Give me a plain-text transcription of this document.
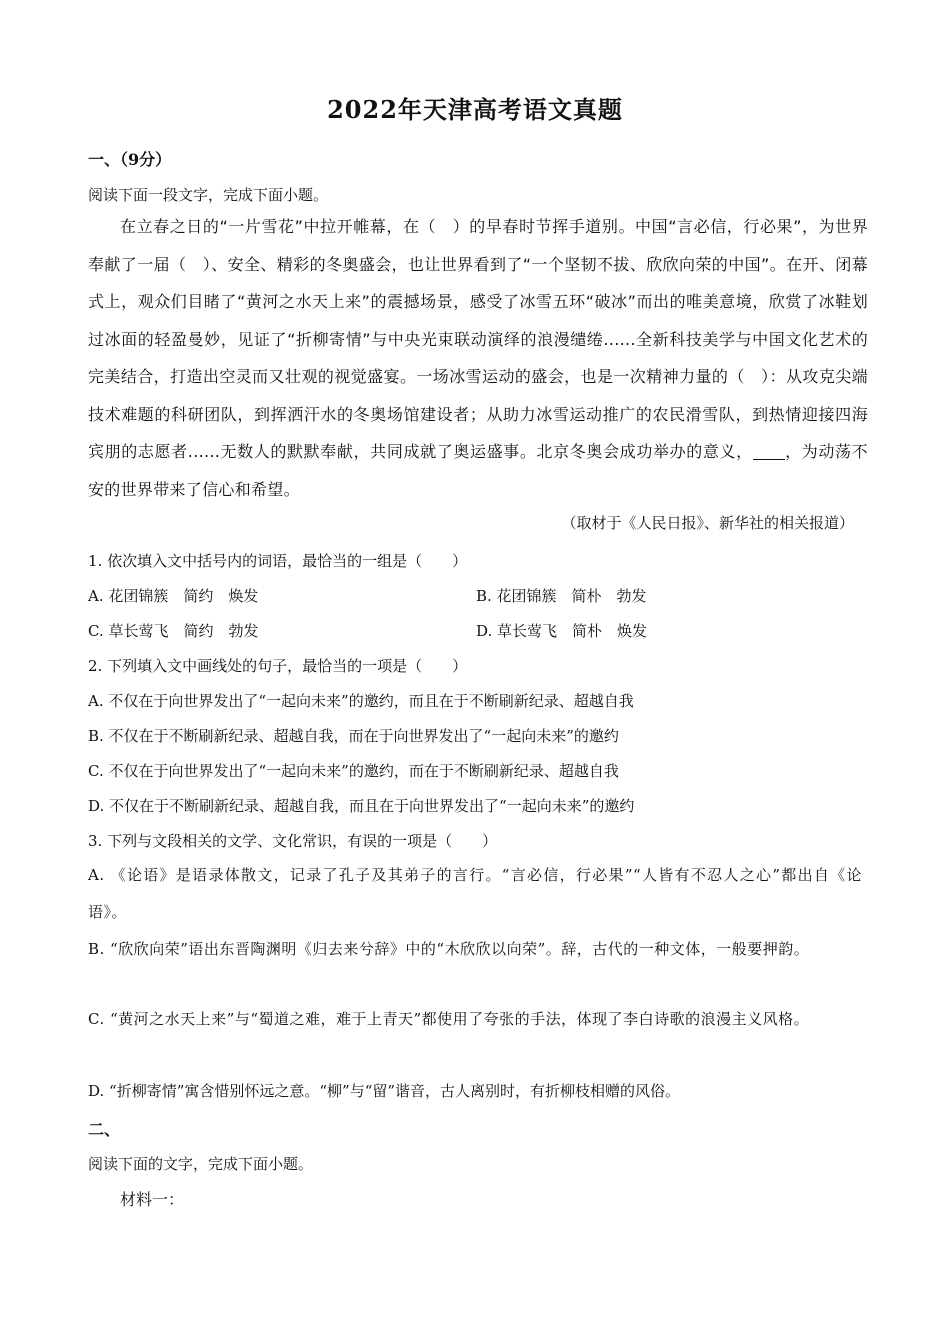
2022年天津高考语文真题
一、（9分）
阅读下面一段文字，完成下面小题。
在立春之日的“一片雪花”中拉开帷幕，在（　）的早春时节挥手道别。中国“言必信，行必果”，为世界奉献了一届（　）、安全、精彩的冬奥盛会，也让世界看到了“一个坚韧不拔、欣欣向荣的中国”。在开、闭幕式上，观众们目睹了“黄河之水天上来”的震撼场景，感受了冰雪五环“破冰”而出的唯美意境，欣赏了冰鞋划过冰面的轻盈曼妙，见证了“折柳寄情”与中央光束联动演绎的浪漫缱绻......全新科技美学与中国文化艺术的完美结合，打造出空灵而又壮观的视觉盛宴。一场冰雪运动的盛会，也是一次精神力量的（　）：从攻克尖端技术难题的科研团队，到挥洒汗水的冬奥场馆建设者；从助力冰雪运动推广的农民滑雪队，到热情迎接四海宾朋的志愿者......无数人的默默奉献，共同成就了奥运盛事。北京冬奥会成功举办的意义， ，为动荡不安的世界带来了信心和希望。
（取材于《人民日报》、新华社的相关报道）
1. 依次填入文中括号内的词语，最恰当的一组是（　　）
A. 花团锦簇　简约　焕发	B. 花团锦簇　简朴　勃发
C. 草长莺飞　简约　勃发	D. 草长莺飞　简朴　焕发
2. 下列填入文中画线处的句子，最恰当的一项是（　　）
A. 不仅在于向世界发出了“一起向未来”的邀约，而且在于不断刷新纪录、超越自我
B. 不仅在于不断刷新纪录、超越自我，而在于向世界发出了“一起向未来”的邀约
C. 不仅在于向世界发出了“一起向未来”的邀约，而在于不断刷新纪录、超越自我
D. 不仅在于不断刷新纪录、超越自我，而且在于向世界发出了“一起向未来”的邀约
3. 下列与文段相关的文学、文化常识，有误的一项是（　　）
A. 《论语》是语录体散文，记录了孔子及其弟子的言行。“言必信，行必果”“人皆有不忍人之心”都出自《论语》。
B. “欣欣向荣”语出东晋陶渊明《归去来兮辞》中的“木欣欣以向荣”。辞，古代的一种文体，一般要押韵。
C. “黄河之水天上来”与“蜀道之难，难于上青天”都使用了夸张的手法，体现了李白诗歌的浪漫主义风格。
D. “折柳寄情”寓含惜别怀远之意。“柳”与“留”谐音，古人离别时，有折柳枝相赠的风俗。
二、
阅读下面的文字，完成下面小题。
材料一：
